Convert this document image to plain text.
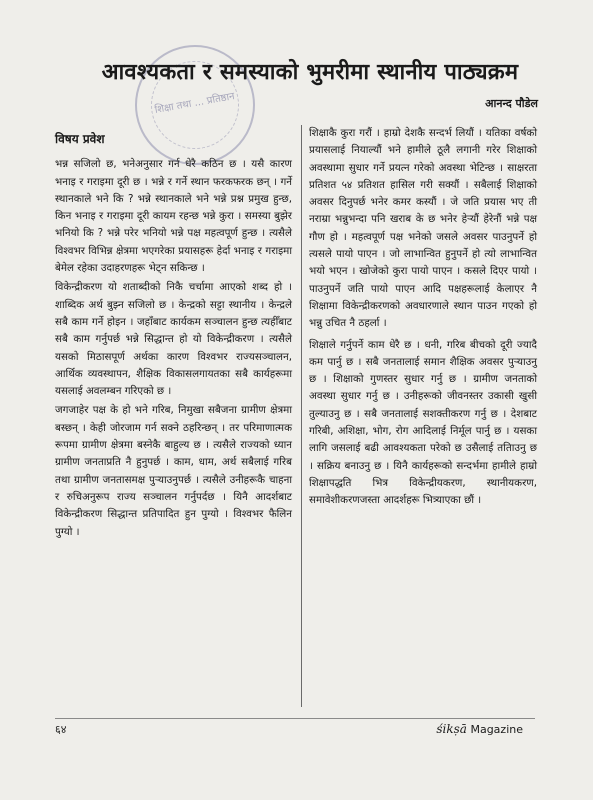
शिक्षा तथा ... प्रतिष्ठान
आवश्यकता र समस्याको भुमरीमा स्थानीय पाठ्यक्रम
आनन्द पौडेल
विषय प्रवेश

भन्न सजिलो छ, भनेअनुसार गर्न धेरै कठिन छ । यसै कारण भनाइ र गराइमा दूरी छ । भन्ने र गर्ने स्थान फरकफरक छन् । गर्ने स्थानकाले भने कि ? भन्ने स्थानकाले भने भन्ने प्रश्न प्रमुख हुन्छ, किन भनाइ र गराइमा दूरी कायम रहन्छ भन्ने कुरा । समस्या बुझेर भनियो कि ? भन्ने परेर भनियो भन्ने पक्ष महत्वपूर्ण हुन्छ । त्यसैले विश्वभर विभिन्न क्षेत्रमा भएगरेका प्रयासहरू हेर्दा भनाइ र गराइमा बेमेल रहेका उदाहरणहरू भेट्न सकिन्छ ।

विकेन्द्रीकरण यो शताब्दीको निकै चर्चामा आएको शब्द हो । शाब्दिक अर्थ बुझ्न सजिलो छ । केन्द्रको सट्टा स्थानीय । केन्द्रले सबै काम गर्ने होइन । जहाँबाट कार्यकम सञ्चालन हुन्छ त्यहीँबाट सबै काम गर्नुपर्छ भन्ने सिद्धान्त हो यो विकेन्द्रीकरण । त्यसैले यसको मिठासपूर्ण अर्थका कारण विश्वभर राज्यसञ्चालन, आर्थिक व्यवस्थापन, शैक्षिक विकासलगायतका सबै कार्यहरूमा यसलाई अवलम्बन गरिएको छ ।

जगजाहेर पक्ष के हो भने गरिब, निमुखा सबैजना ग्रामीण क्षेत्रमा बस्छन् । केही जोरजाम गर्न सक्ने ठहरिन्छन् । तर परिमाणात्मक रूपमा ग्रामीण क्षेत्रमा बस्नेकै बाहुल्य छ । त्यसैले राज्यको ध्यान ग्रामीण जनताप्रति नै हुनुपर्छ । काम, धाम, अर्थ सबैलाई गरिब तथा ग्रामीण जनतासमक्ष पुऱ्याउनुपर्छ । त्यसैले उनीहरूकै चाहना र रुचिअनुरूप राज्य सञ्चालन गर्नुपर्दछ । यिनै आदर्शबाट विकेन्द्रीकरण सिद्धान्त प्रतिपादित हुन पुग्यो । विश्वभर फैलिन पुग्यो ।

शिक्षाकै कुरा गरौं । हाम्रो देशकै सन्दर्भ लियौं । यतिका वर्षको प्रयासलाई नियाल्यौं भने हामीले ठूलै लगानी गरेर शिक्षाको अवस्थामा सुधार गर्ने प्रयत्न गरेको अवस्था भेटिन्छ । साक्षरता प्रतिशत ५४ प्रतिशत हासिल गरी सक्यौं । सबैलाई शिक्षाको अवसर दिनुपर्छ भनेर कमर कस्यौं । जे जति प्रयास भए ती नराम्रा भन्नुभन्दा पनि खराब के छ भनेर हेऱ्यौं हेरेनौं भन्ने पक्ष गौण हो । महत्वपूर्ण पक्ष भनेको जसले अवसर पाउनुपर्ने हो त्यसले पायो पाएन । जो लाभान्वित हुनुपर्ने हो त्यो लाभान्वित भयो भएन । खोजेको कुरा पायो पाएन । कसले दिएर पायो । पाउनुपर्ने जति पायो पाएन आदि पक्षहरूलाई केलाएर नै शिक्षामा विकेन्द्रीकरणको अवधारणाले स्थान पाउन गएको हो भन्नु उचित नै ठहर्ला ।

शिक्षाले गर्नुपर्ने काम धेरै छ । धनी, गरिब बीचको दूरी ज्यादै कम पार्नु छ । सबै जनतालाई समान शैक्षिक अवसर पुऱ्याउनु छ । शिक्षाको गुणस्तर सुधार गर्नु छ । ग्रामीण जनताको अवस्था सुधार गर्नु छ । उनीहरूको जीवनस्तर उकासी खुसी तुल्याउनु छ । सबै जनतालाई सशक्तीकरण गर्नु छ । देशबाट गरिबी, अशिक्षा, भोग, रोग आदिलाई निर्मूल पार्नु छ । यसका लागि जसलाई बढी आवश्यकता परेको छ उसैलाई ततिाउनु छ । सक्रिय बनाउनु छ । यिनै कार्यहरूको सन्दर्भमा हामीले हाम्रो शिक्षापद्धति भित्र विकेन्द्रीयकरण, स्थानीयकरण, समावेशीकरणजस्ता आदर्शहरू भित्र्याएका छौं ।

६४	śikṣā Magazine
